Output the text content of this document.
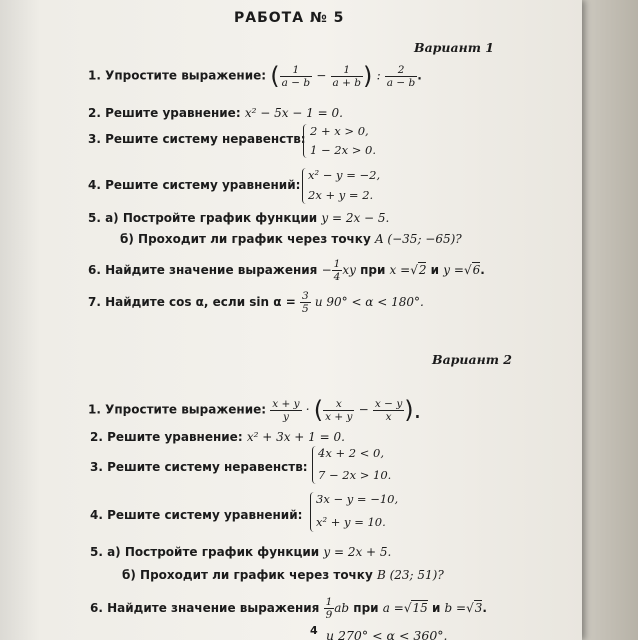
РАБОТА № 5
Вариант 1
1. Упростите выражение: ( $\frac{1}{a - b} - \frac{1}{a + b}$ ) : $\frac{2}{a - b}$ .
2. Решите уравнение: x² − 5x − 1 = 0.
3. Решите систему неравенств:
2 + x > 0,
1 − 2x > 0.
4. Решите систему уравнений:
x² − y = −2,
2x + y = 2.
5. а) Постройте график функции y = 2x − 5.
б) Проходит ли график через точку A (−35; −65)?
6. Найдите значение выражения − $\frac{1}{4}$ xy при x =√2 и y =√6.
7. Найдите cos α, если $\sin \alpha = \frac{3}{5}$ и 90° < α < 180°.
Вариант 2
1. Упростите выражение: $\frac{x + y}{y}$ · ( $\frac{x}{x + y} - \frac{x - y}{x}$ ).
2. Решите уравнение: x² + 3x + 1 = 0.
3. Решите систему неравенств:
4x + 2 < 0,
7 − 2x > 10.
4. Решите систему уравнений:
3x − y = −10,
x² + y = 10.
5. а) Постройте график функции y = 2x + 5.
б) Проходит ли график через точку B (23; 51)?
6. Найдите значение выражения $\frac{1}{9}$ ab при a =√15 и b =√3.
4 и 270° < α < 360°.
